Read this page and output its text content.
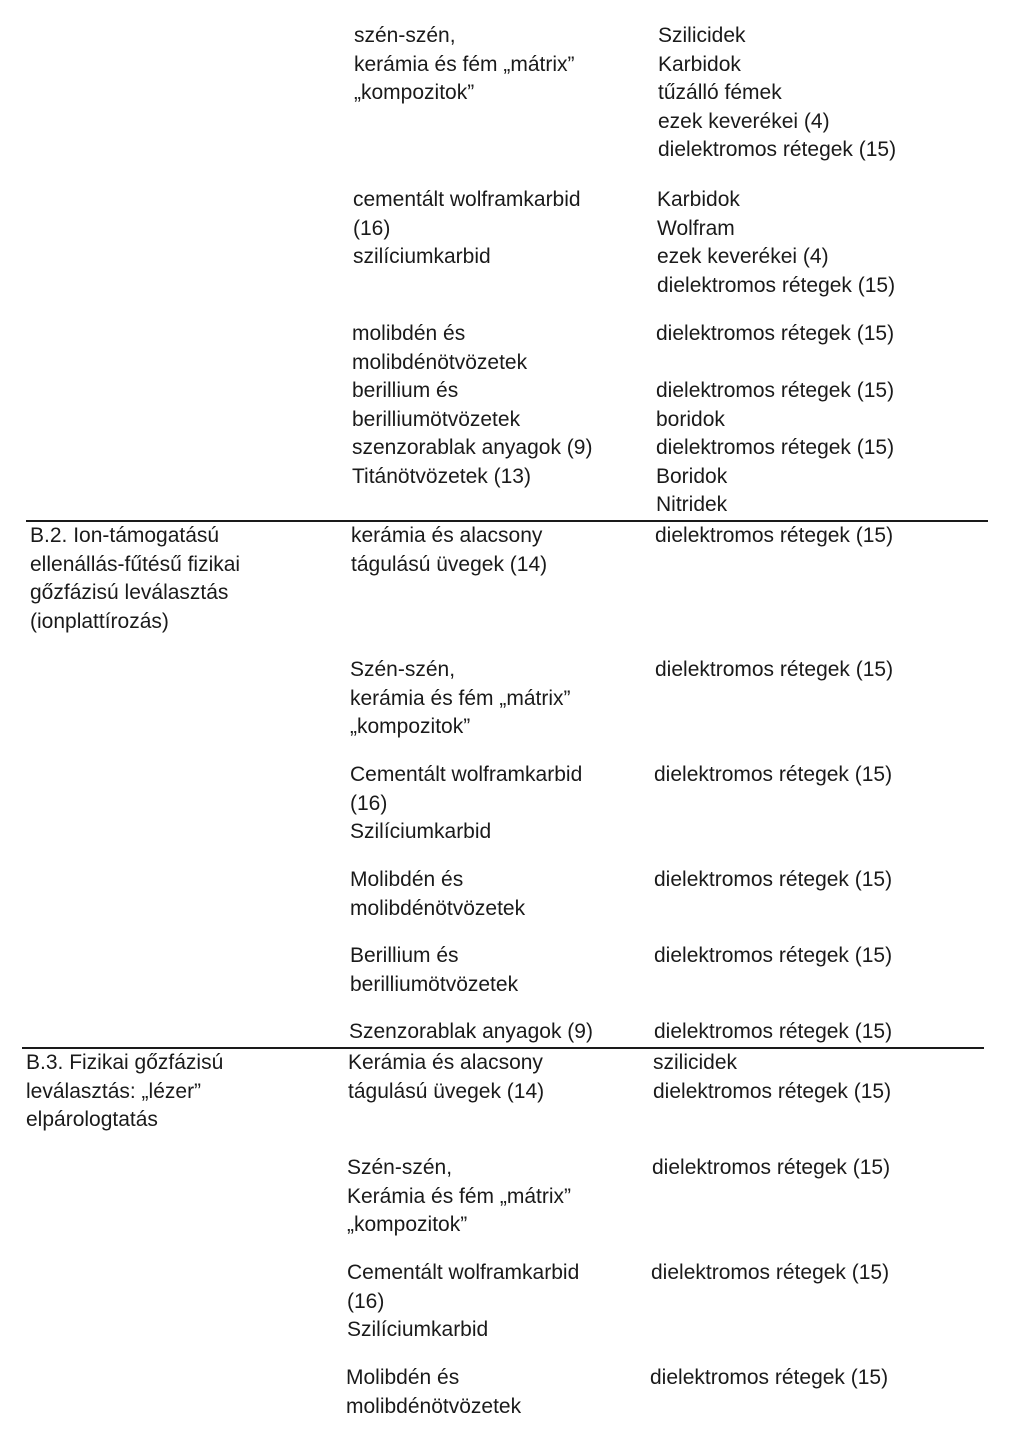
szén-szén,
kerámia és fém „mátrix”
„kompozitok”
Szilicidek
Karbidok
tűzálló fémek
ezek keverékei (4)
dielektromos rétegek (15)
cementált wolframkarbid
(16)
szilíciumkarbid
Karbidok
Wolfram
ezek keverékei (4)
dielektromos rétegek (15)
molibdén és
molibdénötvözetek
berillium és
berilliumötvözetek
szenzorablak anyagok (9)
Titánötvözetek (13)
dielektromos rétegek (15)
dielektromos rétegek (15)
boridok
dielektromos rétegek (15)
Boridok
Nitridek
B.2. Ion-támogatású
ellenállás-fűtésű fizikai
gőzfázisú leválasztás
(ionplattírozás)
kerámia és alacsony
tágulású üvegek (14)
dielektromos rétegek (15)
Szén-szén,
kerámia és fém „mátrix”
„kompozitok”
dielektromos rétegek (15)
Cementált wolframkarbid
(16)
Szilíciumkarbid
dielektromos rétegek (15)
Molibdén és
molibdénötvözetek
dielektromos rétegek (15)
Berillium és
berilliumötvözetek
dielektromos rétegek (15)
Szenzorablak anyagok (9)	dielektromos rétegek (15)
B.3. Fizikai gőzfázisú
leválasztás: „lézer”
elpárologtatás
Kerámia és alacsony
tágulású üvegek (14)
szilicidek
dielektromos rétegek (15)
Szén-szén,
Kerámia és fém „mátrix”
„kompozitok”
dielektromos rétegek (15)
Cementált wolframkarbid
(16)
Szilíciumkarbid
dielektromos rétegek (15)
Molibdén és
molibdénötvözetek
dielektromos rétegek (15)
